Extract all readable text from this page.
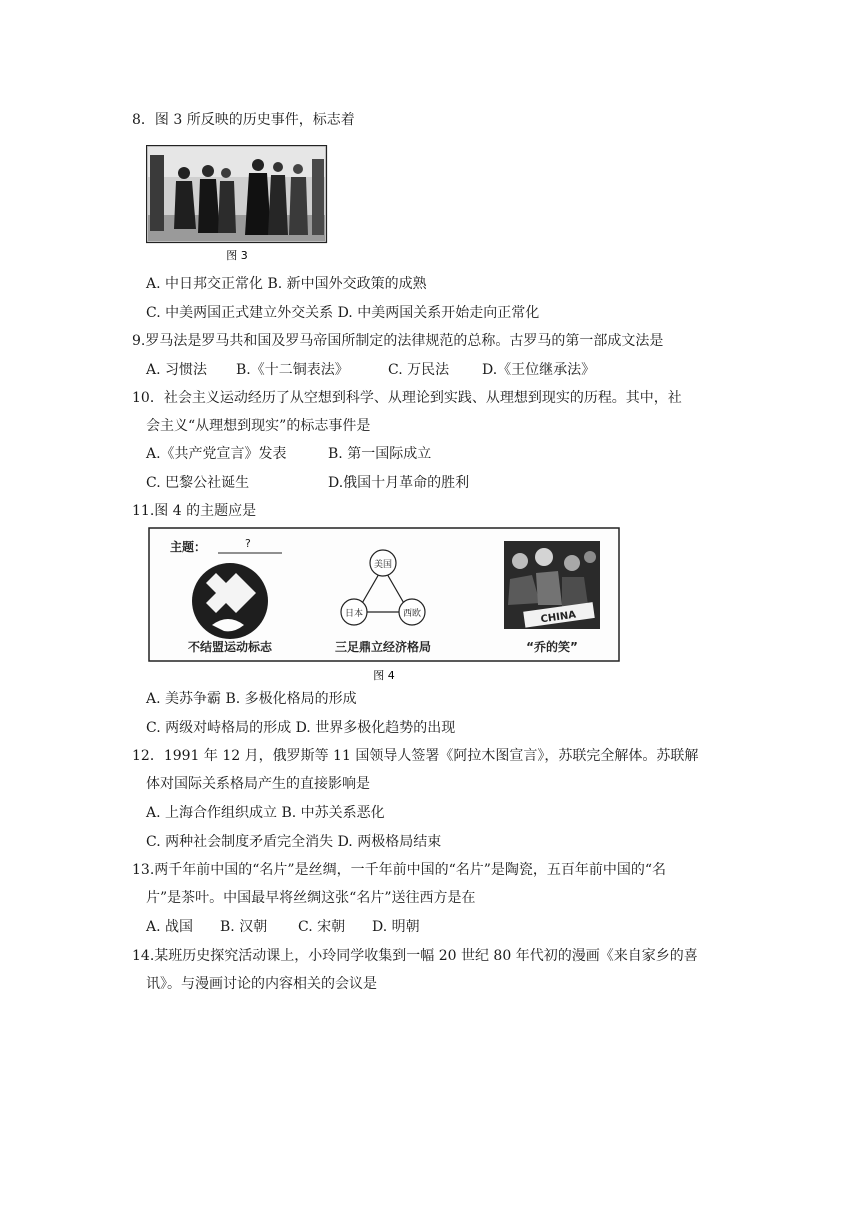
8．图 3 所反映的历史事件，标志着
图 3
A. 中日邦交正常化 B. 新中国外交政策的成熟
C. 中美两国正式建立外交关系 D. 中美两国关系开始走向正常化
9.罗马法是罗马共和国及罗马帝国所制定的法律规范的总称。古罗马的第一部成文法是
A. 习惯法 B.《十二铜表法》	C. 万民法 D.《王位继承法》
10．社会主义运动经历了从空想到科学、从理论到实践、从理想到现实的历程。其中，社
会主义“从理想到现实”的标志事件是
A.《共产党宣言》发表	B. 第一国际成立
C. 巴黎公社诞生	D.俄国十月革命的胜利
11.图 4 的主题应是
主题：	?
不结盟运动标志
美国
日本	西欧
三足鼎立经济格局
CHINA
“乔的笑”
图 4
A. 美苏争霸 B. 多极化格局的形成
C. 两级对峙格局的形成 D. 世界多极化趋势的出现
12．1991 年 12 月，俄罗斯等 11 国领导人签署《阿拉木图宣言》，苏联完全解体。苏联解
体对国际关系格局产生的直接影响是
A. 上海合作组织成立 B. 中苏关系恶化
C. 两种社会制度矛盾完全消失 D. 两极格局结束
13.两千年前中国的“名片”是丝绸，一千年前中国的“名片”是陶瓷，五百年前中国的“名
片”是茶叶。中国最早将丝绸这张“名片”送往西方是在
A. 战国 B. 汉朝 C. 宋朝 D. 明朝
14.某班历史探究活动课上，小玲同学收集到一幅 20 世纪 80 年代初的漫画《来自家乡的喜
讯》。与漫画讨论的内容相关的会议是
